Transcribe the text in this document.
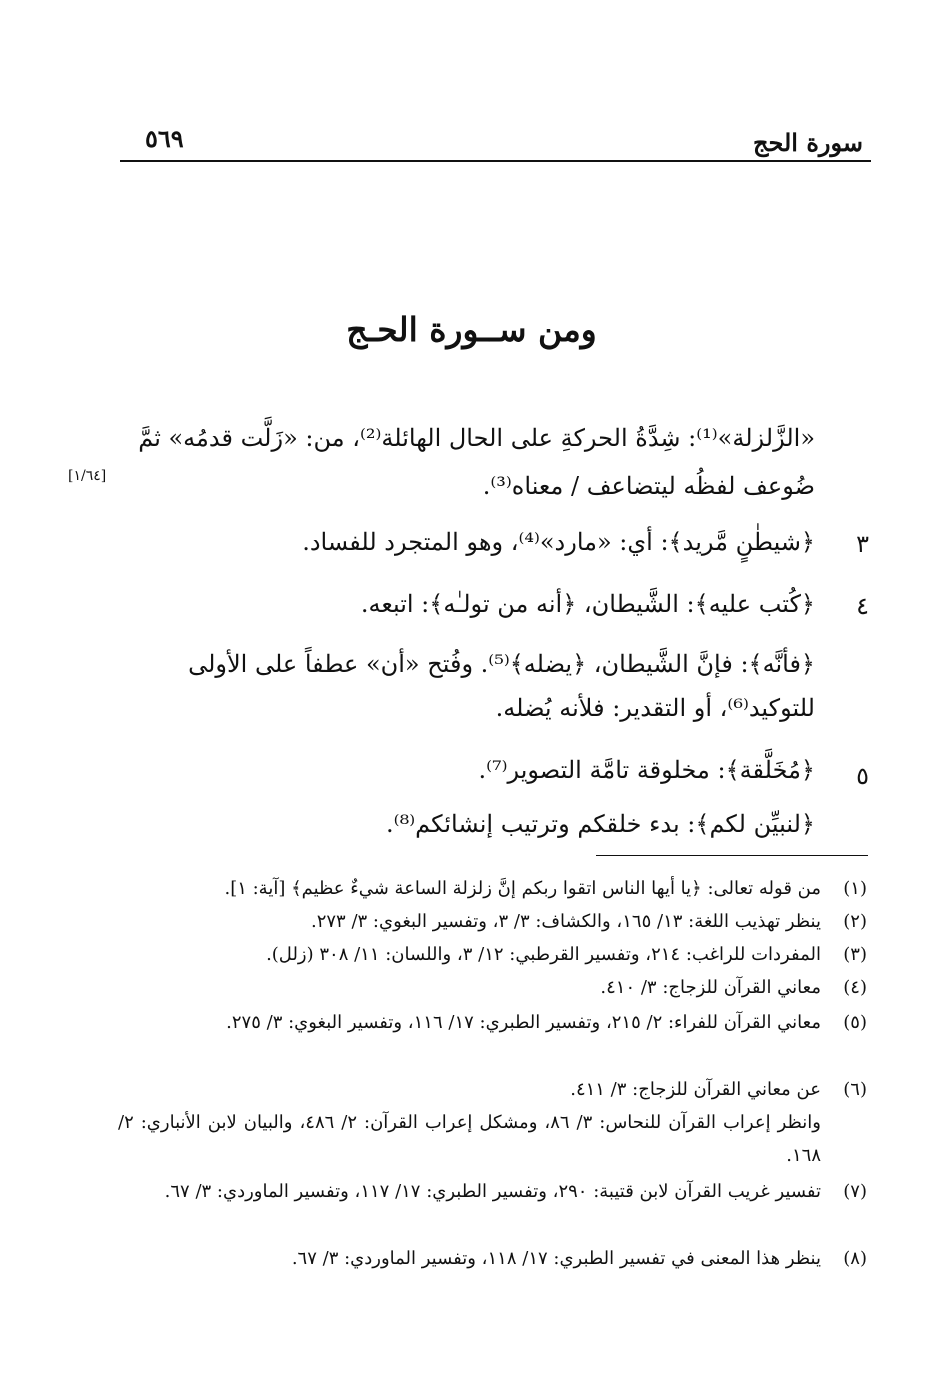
سورة الحج
٥٦٩
ومن ســورة الحـج
«الزَّلزلة»⁽¹⁾: شِدَّةُ الحركةِ على الحال الهائلة⁽²⁾، من: «زَلَّت قدمُه» ثمَّ
ضُوعف لفظُه ليتضاعف / معناه⁽³⁾.
[١/٦٤]
٣
﴿شيطٰنٍ مَّريد﴾: أي: «مارد»⁽⁴⁾، وهو المتجرد للفساد.
٤
﴿كُتب عليه﴾: الشَّيطان، ﴿أنه من تولـٰه﴾: اتبعه.
﴿فأنَّه﴾: فإنَّ الشَّيطان، ﴿يضله﴾⁽⁵⁾. وفُتح «أن» عطفاً على الأولى
للتوكيد⁽⁶⁾، أو التقدير: فلأنه يُضله.
٥
﴿مُخَلَّقة﴾: مخلوقة تامَّة التصوير⁽⁷⁾.
﴿لنبيِّن لكم﴾: بدء خلقكم وترتيب إنشائكم⁽⁸⁾.
(١)
من قوله تعالى: ﴿يا أيها الناس اتقوا ربكم إنَّ زلزلة الساعة شيءٌ عظيم﴾ [آية: ١].
(٢)
ينظر تهذيب اللغة: ١٣/ ١٦٥، والكشاف: ٣/ ٣، وتفسير البغوي: ٣/ ٢٧٣.
(٣)
المفردات للراغب: ٢١٤، وتفسير القرطبي: ١٢/ ٣، واللسان: ١١/ ٣٠٨ (زلل).
(٤)
معاني القرآن للزجاج: ٣/ ٤١٠.
(٥)
معاني القرآن للفراء: ٢/ ٢١٥، وتفسير الطبري: ١٧/ ١١٦، وتفسير البغوي: ٣/ ٢٧٥.
(٦)
عن معاني القرآن للزجاج: ٣/ ٤١١.
وانظر إعراب القرآن للنحاس: ٣/ ٨٦، ومشكل إعراب القرآن: ٢/ ٤٨٦، والبيان لابن الأنباري: ٢/ ١٦٨.
(٧)
تفسير غريب القرآن لابن قتيبة: ٢٩٠، وتفسير الطبري: ١٧/ ١١٧، وتفسير الماوردي: ٣/ ٦٧.
(٨)
ينظر هذا المعنى في تفسير الطبري: ١٧/ ١١٨، وتفسير الماوردي: ٣/ ٦٧.
